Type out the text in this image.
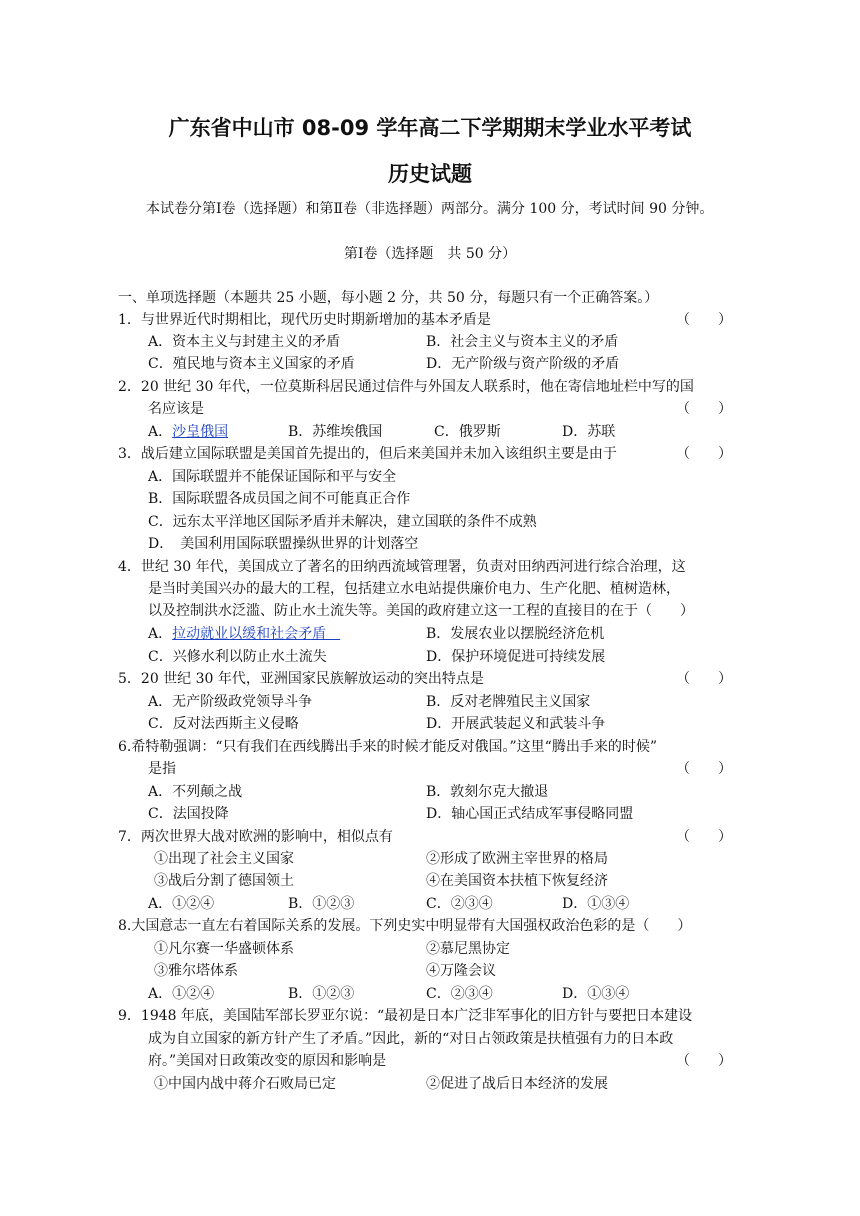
广东省中山市 08-09 学年高二下学期期末学业水平考试
历史试题
本试卷分第Ⅰ卷（选择题）和第Ⅱ卷（非选择题）两部分。满分 100 分，考试时间 90 分钟。
第Ⅰ卷（选择题　共 50 分）
一、单项选择题（本题共 25 小题，每小题 2 分，共 50 分，每题只有一个正确答案。）
1．与世界近代时期相比，现代历史时期新增加的基本矛盾是	（　　）
A．资本主义与封建主义的矛盾	B．社会主义与资本主义的矛盾
C．殖民地与资本主义国家的矛盾	D．无产阶级与资产阶级的矛盾
2．20 世纪 30 年代，一位莫斯科居民通过信件与外国友人联系时，他在寄信地址栏中写的国
名应该是	（　　）
A．沙皇俄国	B．苏维埃俄国	C．俄罗斯	D．苏联
3．战后建立国际联盟是美国首先提出的，但后来美国并未加入该组织主要是由于	（　　）
A．国际联盟并不能保证国际和平与安全
B．国际联盟各成员国之间不可能真正合作
C．远东太平洋地区国际矛盾并未解决，建立国联的条件不成熟
D．　美国利用国际联盟操纵世界的计划落空
4．世纪 30 年代，美国成立了著名的田纳西流域管理署，负责对田纳西河进行综合治理，这
是当时美国兴办的最大的工程，包括建立水电站提供廉价电力、生产化肥、植树造林，
以及控制洪水泛滥、防止水土流失等。美国的政府建立这一工程的直接目的在于（　　）
A．拉动就业以缓和社会矛盾　	B．发展农业以摆脱经济危机
C．兴修水利以防止水土流失	D．保护环境促进可持续发展
5．20 世纪 30 年代，亚洲国家民族解放运动的突出特点是	（　　）
A．无产阶级政党领导斗争	B．反对老牌殖民主义国家
C．反对法西斯主义侵略	D．开展武装起义和武装斗争
6.希特勒强调：“只有我们在西线腾出手来的时候才能反对俄国。”这里“腾出手来的时候”
是指	（　　）
A．不列颠之战	B．敦刻尔克大撤退
C．法国投降	D．轴心国正式结成军事侵略同盟
7．两次世界大战对欧洲的影响中，相似点有	（　　）
①出现了社会主义国家	②形成了欧洲主宰世界的格局
③战后分割了德国领土	④在美国资本扶植下恢复经济
A．①②④	B．①②③	C．②③④	D．①③④
8.大国意志一直左右着国际关系的发展。下列史实中明显带有大国强权政治色彩的是（　　）
①凡尔赛一华盛顿体系	②慕尼黑协定
③雅尔塔体系	④万隆会议
A．①②④	B．①②③	C．②③④	D．①③④
9．1948 年底，美国陆军部长罗亚尔说：“最初是日本广泛非军事化的旧方针与要把日本建设
成为自立国家的新方针产生了矛盾。”因此，新的“对日占领政策是扶植强有力的日本政
府。”美国对日政策改变的原因和影响是	（　　）
①中国内战中蒋介石败局已定	②促进了战后日本经济的发展
